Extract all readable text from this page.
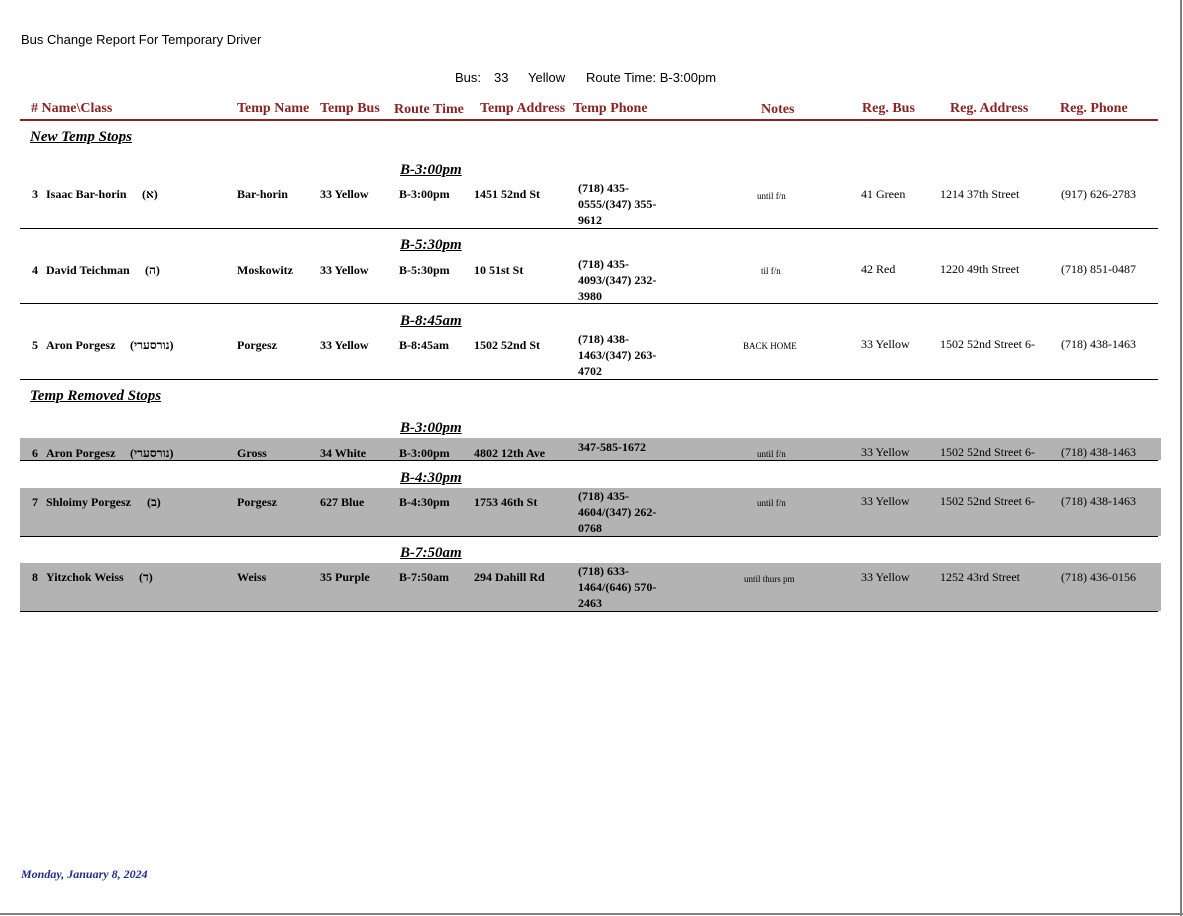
Bus Change Report For Temporary Driver
Bus: 33 Yellow Route Time: B-3:00pm
# Name\Class	Temp Name Temp Bus Route Time Temp Address Temp Phone	Notes	Reg. Bus	Reg. Address Reg. Phone
New Temp Stops
B-3:00pm
3 Isaac Bar-horin (א)	Bar-horin	33 Yellow	B-3:00pm 1451 52nd St	(718) 435-
0555/(347) 355-
9612
until f/n	41 Green	1214 37th Street	(917) 626-2783
B-5:30pm
4 David Teichman (ה)	Moskowitz 33 Yellow	B-5:30pm 10 51st St	(718) 435-
4093/(347) 232-
3980
til f/n	42 Red	1220 49th Street	(718) 851-0487
B-8:45am
5 Aron Porgesz (נורסערי)	Porgesz	33 Yellow	B-8:45am 1502 52nd St	(718) 438-
1463/(347) 263-
4702
BACK HOME	33 Yellow	1502 52nd Street 6- (718) 438-1463
Temp Removed Stops
B-3:00pm
6 Aron Porgesz (נורסערי)	Gross	34 White	B-3:00pm 4802 12th Ave	347-585-1672	until f/n	33 Yellow	1502 52nd Street 6- (718) 438-1463
B-4:30pm
7 Shloimy Porgesz (ב)	Porgesz	627 Blue	B-4:30pm 1753 46th St	(718) 435-
4604/(347) 262-
0768
until f/n	33 Yellow	1502 52nd Street 6- (718) 438-1463
B-7:50am
8 Yitzchok Weiss (ד)	Weiss	35 Purple B-7:50am 294 Dahill Rd	(718) 633-
1464/(646) 570-
2463
until thurs pm	33 Yellow	1252 43rd Street	(718) 436-0156
Monday, January 8, 2024
